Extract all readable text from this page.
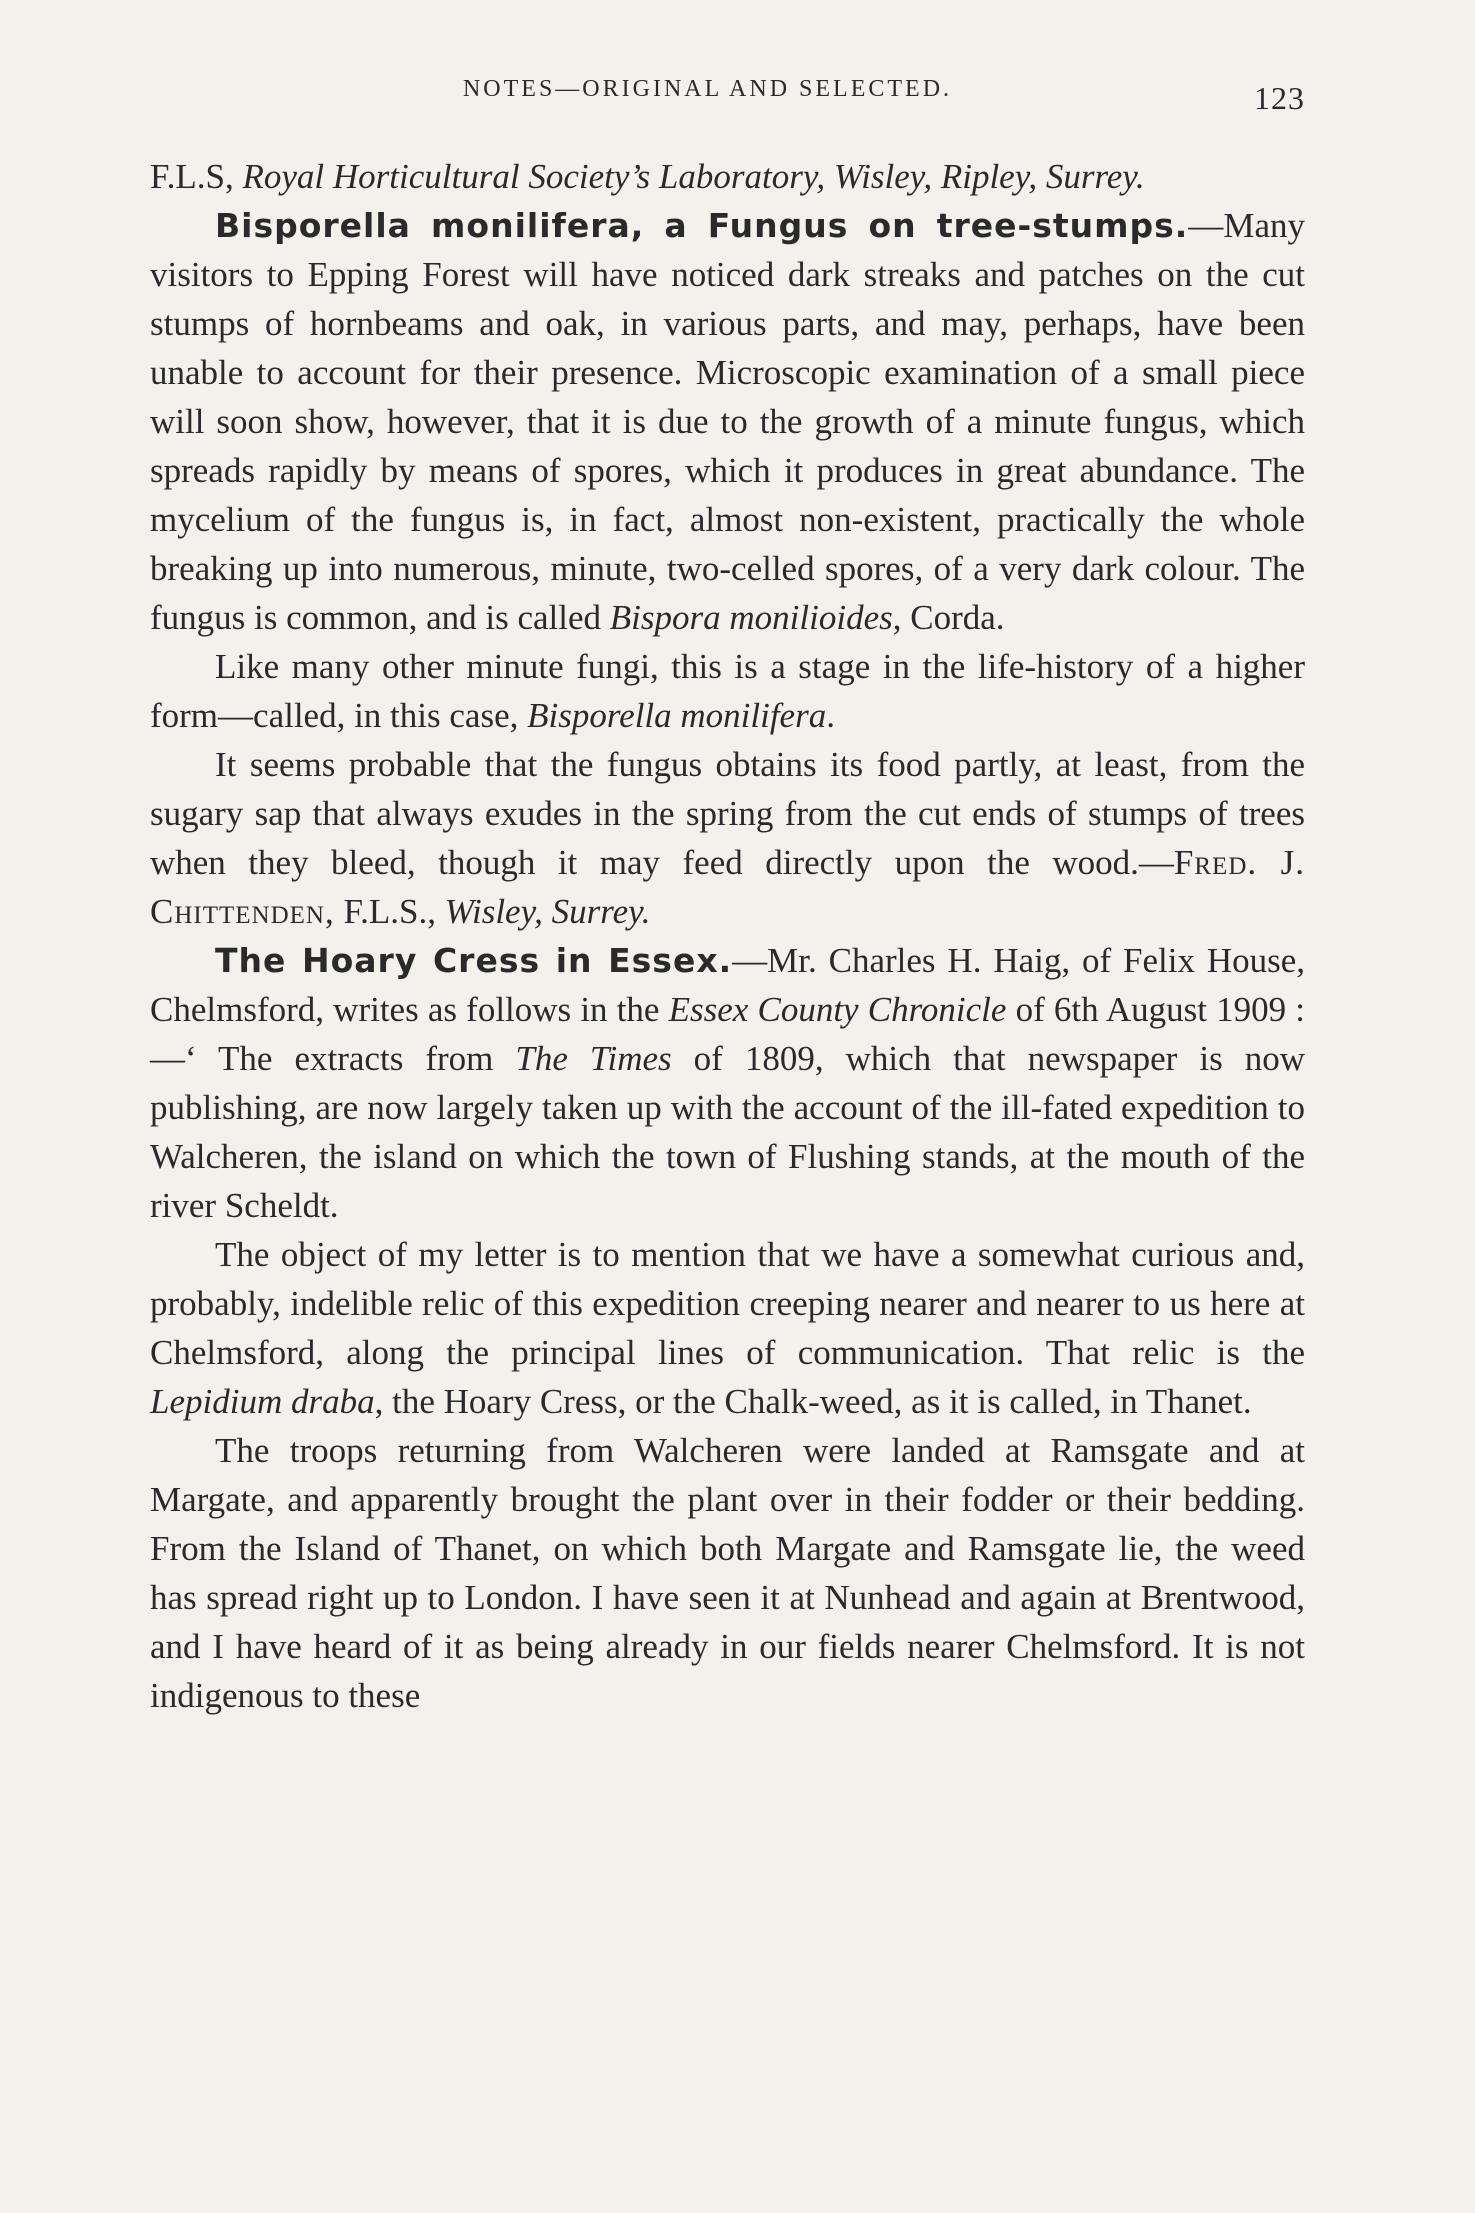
NOTES—ORIGINAL AND SELECTED.	123

F.L.S, Royal Horticultural Society’s Laboratory, Wisley, Ripley, Surrey.

Bisporella monilifera, a Fungus on tree-stumps.—Many visitors to Epping Forest will have noticed dark streaks and patches on the cut stumps of hornbeams and oak, in various parts, and may, perhaps, have been unable to account for their presence. Microscopic examination of a small piece will soon show, however, that it is due to the growth of a minute fungus, which spreads rapidly by means of spores, which it produces in great abundance. The mycelium of the fungus is, in fact, almost non-existent, practically the whole breaking up into numerous, minute, two-celled spores, of a very dark colour. The fungus is common, and is called Bispora monilioides, Corda.

Like many other minute fungi, this is a stage in the life-history of a higher form—called, in this case, Bisporella monilifera.

It seems probable that the fungus obtains its food partly, at least, from the sugary sap that always exudes in the spring from the cut ends of stumps of trees when they bleed, though it may feed directly upon the wood.—Fred. J. Chittenden, F.L.S., Wisley, Surrey.

The Hoary Cress in Essex.—Mr. Charles H. Haig, of Felix House, Chelmsford, writes as follows in the Essex County Chronicle of 6th August 1909 :—‘ The extracts from The Times of 1809, which that newspaper is now publishing, are now largely taken up with the account of the ill-fated expedition to Walcheren, the island on which the town of Flushing stands, at the mouth of the river Scheldt.

The object of my letter is to mention that we have a somewhat curious and, probably, indelible relic of this expedition creeping nearer and nearer to us here at Chelmsford, along the principal lines of communication. That relic is the Lepidium draba, the Hoary Cress, or the Chalk-weed, as it is called, in Thanet.

The troops returning from Walcheren were landed at Ramsgate and at Margate, and apparently brought the plant over in their fodder or their bedding. From the Island of Thanet, on which both Margate and Ramsgate lie, the weed has spread right up to London. I have seen it at Nunhead and again at Brentwood, and I have heard of it as being already in our fields nearer Chelmsford. It is not indigenous to these
